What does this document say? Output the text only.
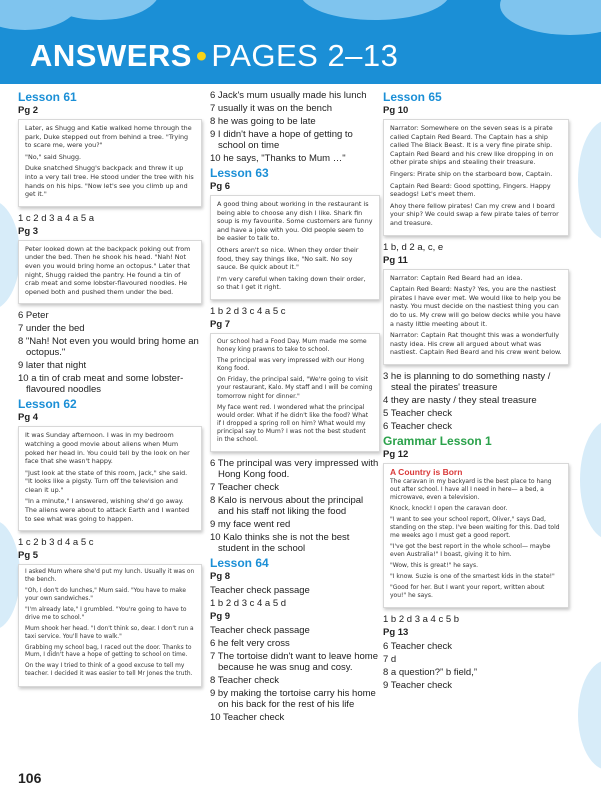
ANSWERS • PAGES 2–13
Lesson 61
Pg 2

Later, as Shugg and Katie walked home through the park, Duke stepped out from behind a tree. "Trying to scare me, were you?"

"No," said Shugg.

Duke snatched Shugg's backpack and threw it up into a very tall tree. He stood under the tree with his hands on his hips. "Now let's see you climb up and get it."

1 c 2 d 3 a 4 a 5 a
Pg 3

Peter looked down at the backpack poking out from under the bed. Then he shook his head. "Nah! Not even you would bring home an octopus." Later that night, Shugg raided the pantry. He found a tin of crab meat and some lobster-flavoured noodles. He opened both and pushed them under the bed.

6 Peter
7 under the bed
8 "Nah! Not even you would bring home an octopus."
9 later that night
10 a tin of crab meat and some lobster-flavoured noodles
Lesson 62
Pg 4

It was Sunday afternoon. I was in my bedroom watching a good movie about aliens when Mum poked her head in. You could tell by the look on her face that she wasn't happy.

"Just look at the state of this room, Jack," she said. "It looks like a pigsty. Turn off the television and clean it up."

"In a minute," I answered, wishing she'd go away. The aliens were about to attack Earth and I wanted to see what was going to happen.

1 c 2 b 3 d 4 a 5 c
Pg 5

I asked Mum where she'd put my lunch. Usually it was on the bench.

"Oh, I don't do lunches," Mum said. "You have to make your own sandwiches."

"I'm already late," I grumbled. "You're going to have to drive me to school."

Mum shook her head. "I don't think so, dear. I don't run a taxi service. You'll have to walk."

Grabbing my school bag, I raced out the door. Thanks to Mum, I didn't have a hope of getting to school on time.

On the way I tried to think of a good excuse to tell my teacher. I decided it was easier to tell Mr Jones the truth.

6 Jack's mum usually made his lunch
7 usually it was on the bench
8 he was going to be late
9 I didn't have a hope of getting to school on time
10 he says, "Thanks to Mum …"
Lesson 63
Pg 6

A good thing about working in the restaurant is being able to choose any dish I like. Shark fin soup is my favourite. Some customers are funny and have a joke with you. Old people seem to be easier to talk to.

Others aren't so nice. When they order their food, they say things like, "No salt. No soy sauce. Be quick about it."

I'm very careful when taking down their order, so that I get it right.

1 b 2 d 3 c 4 a 5 c
Pg 7

Our school had a Food Day. Mum made me some honey king prawns to take to school.

The principal was very impressed with our Hong Kong food.

On Friday, the principal said, "We're going to visit your restaurant, Kalo. My staff and I will be coming tomorrow night for dinner."

My face went red. I wondered what the principal would order. What if he didn't like the food? What if I dropped a spring roll on him? What would my principal say to Mum? I was not the best student in the school.

6 The principal was very impressed with Hong Kong food.
7 Teacher check
8 Kalo is nervous about the principal and his staff not liking the food
9 my face went red
10 Kalo thinks she is not the best student in the school
Lesson 64
Pg 8
Teacher check passage
1 b 2 d 3 c 4 a 5 d
Pg 9
Teacher check passage
6 he felt very cross
7 The tortoise didn't want to leave home because he was snug and cosy.
8 Teacher check
9 by making the tortoise carry his home on his back for the rest of his life
10 Teacher check
Lesson 65
Pg 10

Narrator: Somewhere on the seven seas is a pirate called Captain Red Beard. The Captain has a ship called The Black Beast. It is a very fine pirate ship. Captain Red Beard and his crew like dropping in on other pirate ships and stealing their treasure.

Fingers: Pirate ship on the starboard bow, Captain.

Captain Red Beard: Good spotting, Fingers. Happy seadogs! Let's meet them.

Ahoy there fellow pirates! Can my crew and I board your ship? We could swap a few pirate tales of terror and treasure.

1 b, d 2 a, c, e
Pg 11

Narrator: Captain Red Beard had an idea.

Captain Red Beard: Nasty? Yes, you are the nastiest pirates I have ever met. We would like to help you be nasty. You must decide on the nastiest thing you can do to us. My crew will go below decks while you have a nasty little meeting about it.

Narrator: Captain Rat thought this was a wonderfully nasty idea. His crew all argued about what was nastiest. Captain Red Beard and his crew went below.

3 he is planning to do something nasty / steal the pirates' treasure
4 they are nasty / they steal treasure
5 Teacher check
6 Teacher check
Grammar Lesson 1
Pg 12
A Country is Born

The caravan in my backyard is the best place to hang out after school. I have all I need in here— a bed, a microwave, even a television.

Knock, knock! I open the caravan door.

"I want to see your school report, Oliver," says Dad, standing on the step. I've been waiting for this. Dad told me weeks ago I must get a good report.

"I've got the best report in the whole school— maybe even Australia!" I boast, giving it to him.

"Wow, this is great!" he says.

"I know. Suzie is one of the smartest kids in the state!"

"Good for her. But I want your report, written about you!" he says.

1 b 2 d 3 a 4 c 5 b
Pg 13
6 Teacher check
7 d
8 a question?” b field,”
9 Teacher check
106
